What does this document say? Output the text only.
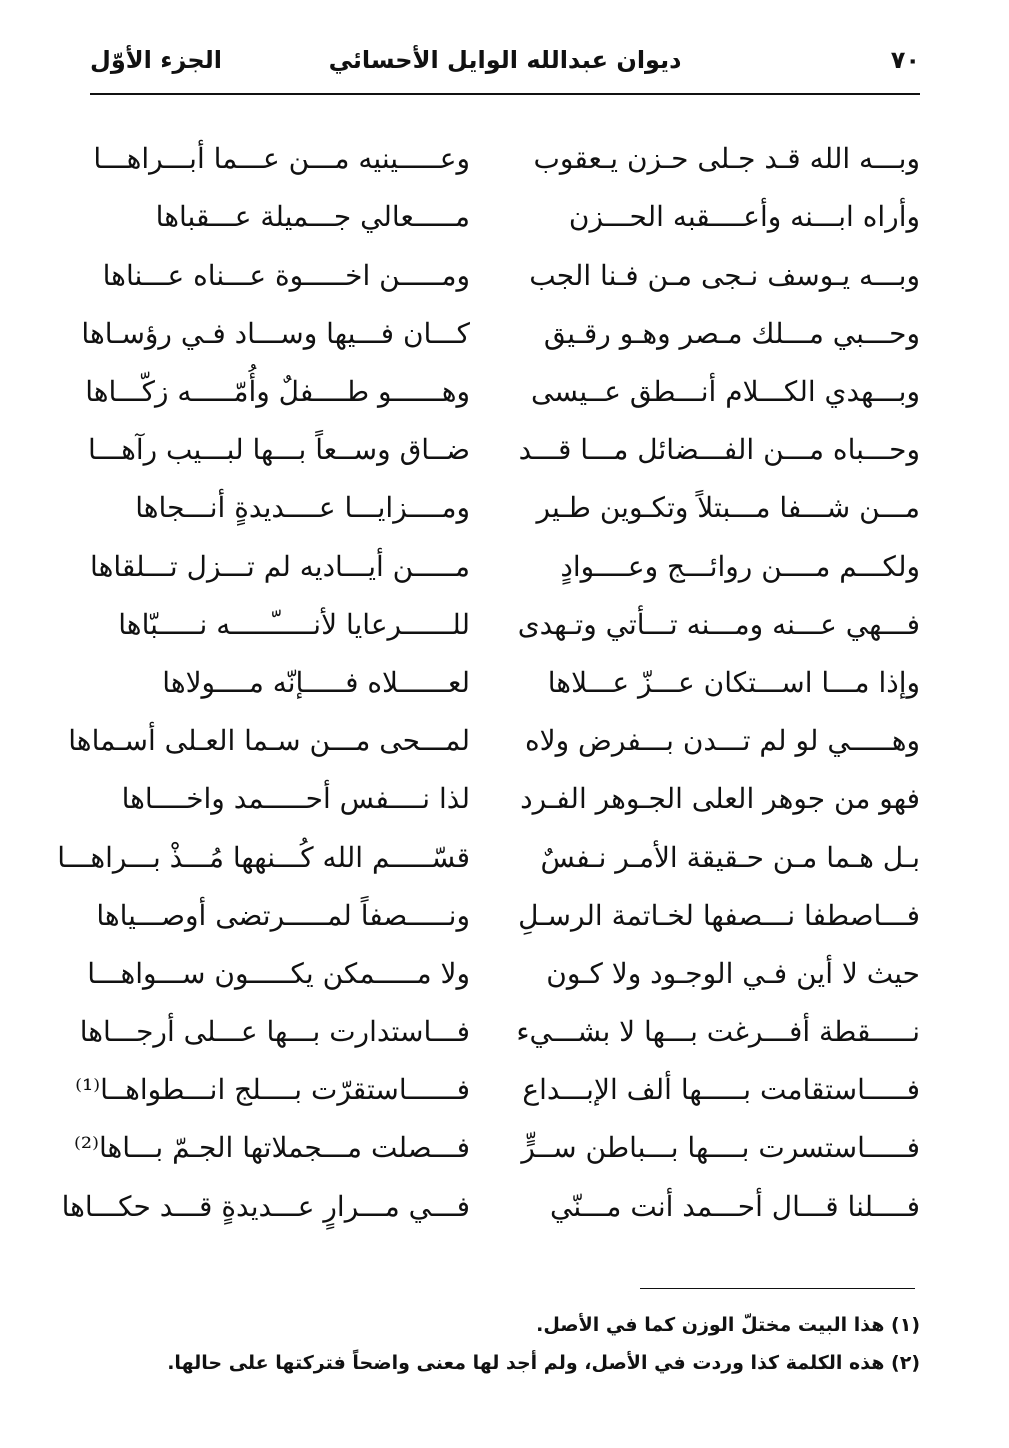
٧٠
ديوان عبدالله الوايل الأحسائي
الجزء الأوّل
وبـــه الله قـد جـلى حـزن يـعقوب
وعـــــينيه مـــن عـــما أبـــراهـــا
وأراه ابـــنه وأعــــقبه الحـــزن
مـــــعالي جـــميلة عـــقباها
وبـــه يـوسف نـجى مـن فـنا الجب
ومـــــن اخـــــوة عـــناه عـــناها
وحـــبي مـــلك مـصر وهـو رقـيق
كـــان فـــيها وســـاد فـي رؤسـاها
وبـــهدي الكـــلام أنـــطق عــيسى
وهــــــو طــــفلٌ وأُمّـــــه زكّـــاها
وحـــباه مـــن الفـــضائل مـــا قـــد
ضــاق وســعاً بـــها لبـــيب رآهـــا
مـــن شـــفا مـــبتلاً وتكـوين طـير
ومــــزايـــا عــــديدةٍ أنـــجاها
ولكـــم مــــن روائـــج وعــــوادٍ
مـــــن أيـــاديه لم تـــزل تـــلقاها
فـــهي عـــنه ومـــنه تـــأتي وتـهدى
للــــــرعايا لأنـــــّـــــه نـــــبّاها
وإذا مـــا اســـتكان عـــزّ عـــلاها
لعــــــلاه فـــــإنّه مــــولاها
وهـــــي لو لم تـــدن بـــفرض ولاه
لمـــحى مـــن سـما العـلى أسـماها
فهو من جوهر العلى الجـوهر الفـرد
لذا نــــفس أحـــــمد واخــــاها
بـل هـما مـن حـقيقة الأمـر نـفسٌ
قسّـــــم الله كُـــنهها مُـــذْ بـــراهـــا
فـــاصطفا نـــصفها لخـاتمة الرسـلِ
ونـــــصفاً لمـــــرتضى أوصـــياها
حيث لا أين فـي الوجـود ولا كـون
ولا مـــــمكن يكـــــون ســـواهـــا
نـــــقطة أفـــرغت بـــها لا بشـــيء
فـــاستدارت بـــها عـــلى أرجـــاها
فـــــاستقامت بـــــها ألف الإبـــداع
فــــــاستقرّت بــــلج انـــطواهــا⁽¹⁾
فـــــاستسرت بــــها بـــباطن ســرٍّ
فـــصلت مـــجملاتها الجـمّ بـــاها⁽²⁾
فــــلنا قـــال أحـــمد أنت مـــنّي
فـــي مـــرارٍ عـــديدةٍ قـــد حكـــاها
(١) هذا البيت مختلّ الوزن كما في الأصل.
(٢) هذه الكلمة كذا وردت في الأصل، ولم أجد لها معنى واضحاً فتركتها على حالها.
